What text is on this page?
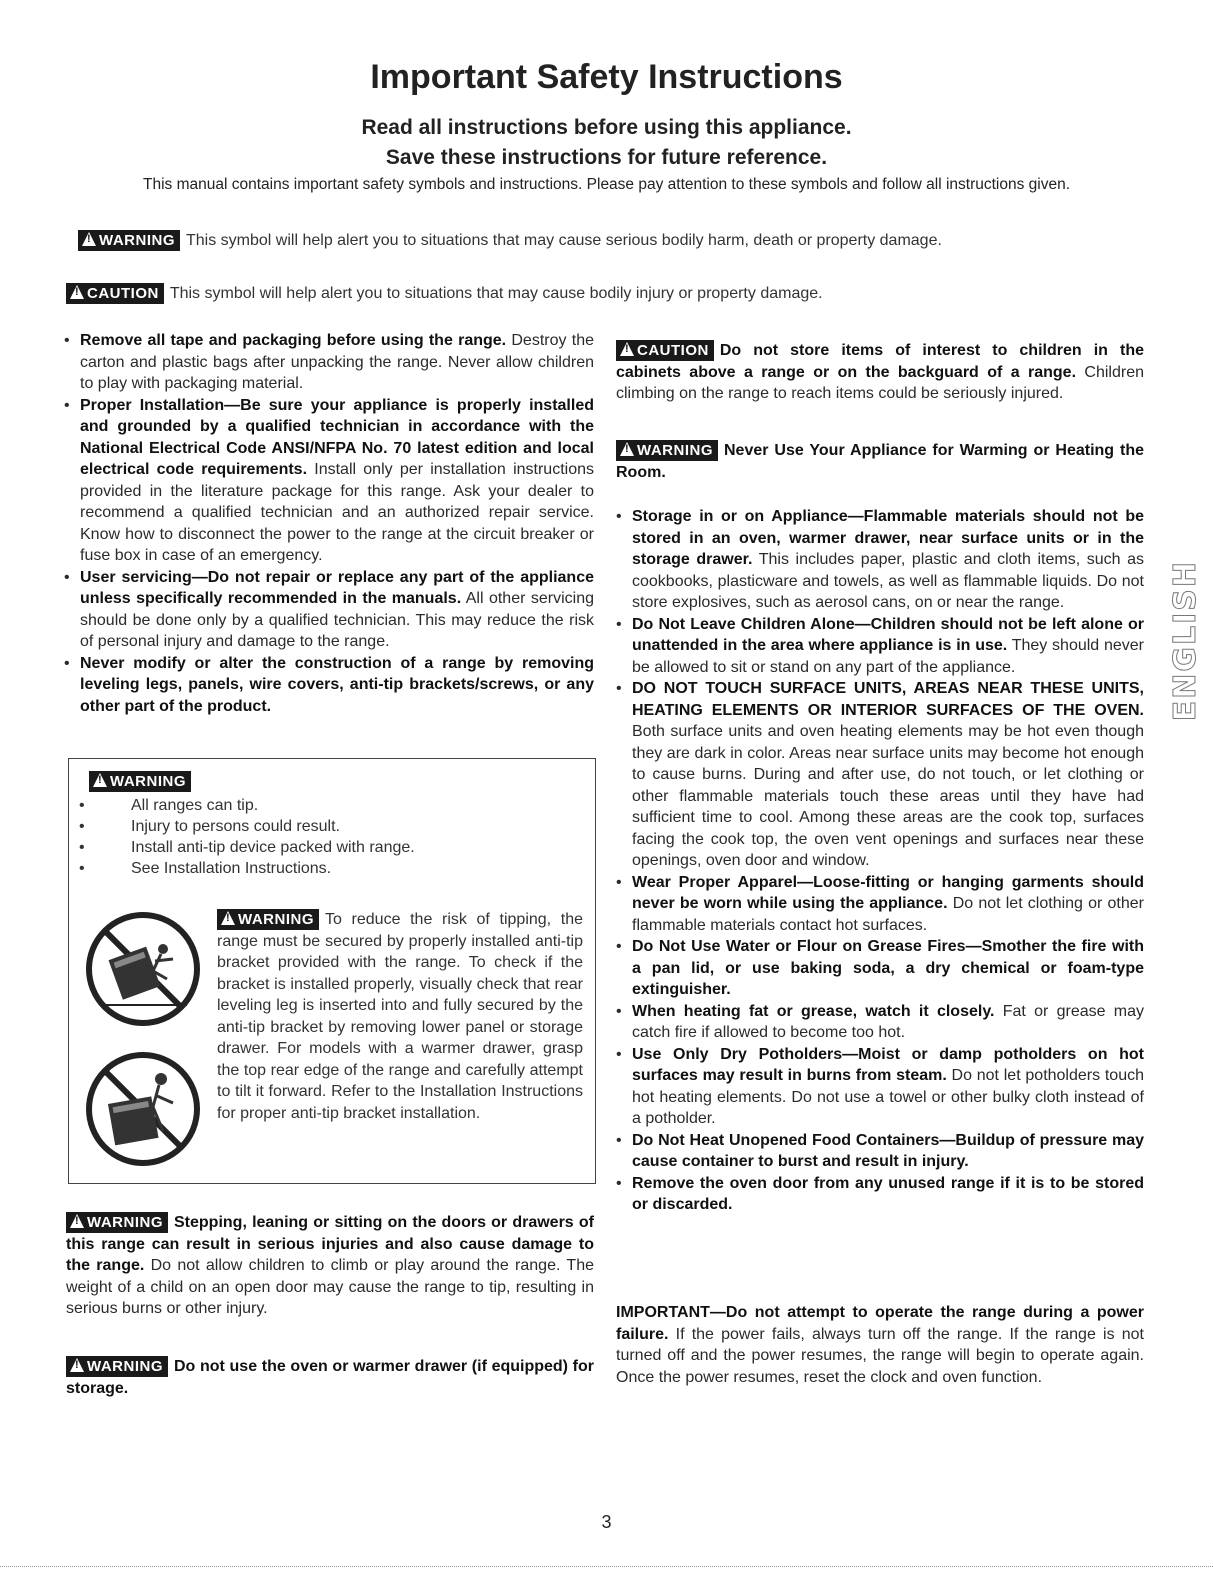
Important Safety Instructions
Read all instructions before using this appliance.
Save these instructions for future reference.
This manual contains important safety symbols and instructions. Please pay attention to these symbols and follow all instructions given.
! WARNING This symbol will help alert you to situations that may cause serious bodily harm, death or property damage.
! CAUTION This symbol will help alert you to situations that may cause bodily injury or property damage.

• Remove all tape and packaging before using the range. Destroy the carton and plastic bags after unpacking the range. Never allow children to play with packaging material.

• Proper Installation—Be sure your appliance is properly installed and grounded by a qualified technician in accordance with the National Electrical Code ANSI/NFPA No. 70 latest edition and local electrical code requirements. Install only per installation instructions provided in the literature package for this range. Ask your dealer to recommend a qualified technician and an authorized repair service. Know how to disconnect the power to the range at the circuit breaker or fuse box in case of an emergency.

• User servicing—Do not repair or replace any part of the appliance unless specifically recommended in the manuals. All other servicing should be done only by a qualified technician. This may reduce the risk of personal injury and damage to the range.

• Never modify or alter the construction of a range by removing leveling legs, panels, wire covers, anti-tip brackets/screws, or any other part of the product.

! WARNING
•	All ranges can tip.
•	Injury to persons could result.
•	Install anti-tip device packed with range.
•	See Installation Instructions.
! WARNING To reduce the risk of tipping, the range must be secured by properly installed anti-tip bracket provided with the range. To check if the bracket is installed properly, visually check that rear leveling leg is inserted into and fully secured by the anti-tip bracket by removing lower panel or storage drawer. For models with a warmer drawer, grasp the top rear edge of the range and carefully attempt to tilt it forward. Refer to the Installation Instructions for proper anti-tip bracket installation.
! WARNING Stepping, leaning or sitting on the doors or drawers of this range can result in serious injuries and also cause damage to the range. Do not allow children to climb or play around the range. The weight of a child on an open door may cause the range to tip, resulting in serious burns or other injury.
! WARNING Do not use the oven or warmer drawer (if equipped) for storage.
! CAUTION Do not store items of interest to children in the cabinets above a range or on the backguard of a range. Children climbing on the range to reach items could be seriously injured.
! WARNING Never Use Your Appliance for Warming or Heating the Room.

• Storage in or on Appliance—Flammable materials should not be stored in an oven, warmer drawer, near surface units or in the storage drawer. This includes paper, plastic and cloth items, such as cookbooks, plasticware and towels, as well as flammable liquids. Do not store explosives, such as aerosol cans, on or near the range.

• Do Not Leave Children Alone—Children should not be left alone or unattended in the area where appliance is in use. They should never be allowed to sit or stand on any part of the appliance.

• DO NOT TOUCH SURFACE UNITS, AREAS NEAR THESE UNITS, HEATING ELEMENTS OR INTERIOR SURFACES OF THE OVEN. Both surface units and oven heating elements may be hot even though they are dark in color. Areas near surface units may become hot enough to cause burns. During and after use, do not touch, or let clothing or other flammable materials touch these areas until they have had sufficient time to cool. Among these areas are the cook top, surfaces facing the cook top, the oven vent openings and surfaces near these openings, oven door and window.

• Wear Proper Apparel—Loose-fitting or hanging garments should never be worn while using the appliance. Do not let clothing or other flammable materials contact hot surfaces.

• Do Not Use Water or Flour on Grease Fires—Smother the fire with a pan lid, or use baking soda, a dry chemical or foam-type extinguisher.

• When heating fat or grease, watch it closely. Fat or grease may catch fire if allowed to become too hot.

• Use Only Dry Potholders—Moist or damp potholders on hot surfaces may result in burns from steam. Do not let potholders touch hot heating elements. Do not use a towel or other bulky cloth instead of a potholder.

• Do Not Heat Unopened Food Containers—Buildup of pressure may cause container to burst and result in injury.

• Remove the oven door from any unused range if it is to be stored or discarded.

IMPORTANT—Do not attempt to operate the range during a power failure. If the power fails, always turn off the range. If the range is not turned off and the power resumes, the range will begin to operate again. Once the power resumes, reset the clock and oven function.
ENGLISH
3
